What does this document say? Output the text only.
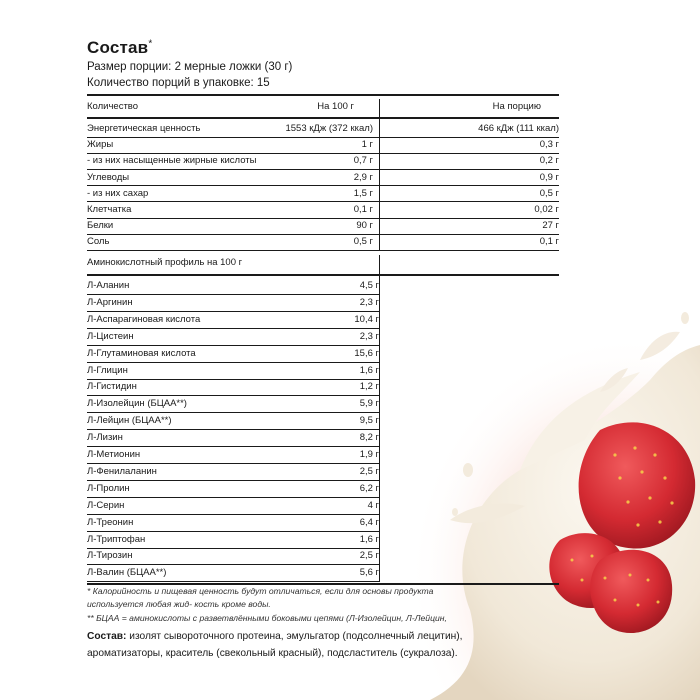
Состав*
Размер порции: 2 мерные ложки (30 г)
Количество порций в упаковке: 15
Количество	На 100 г	На порцию
Энергетическая ценность	1553 кДж (372 ккал)	466 кДж (111 ккал)
Жиры	1 г	0,3 г
- из них насыщенные жирные кислоты	0,7 г	0,2 г
Углеводы	2,9 г	0,9 г
- из них сахар	1,5 г	0,5 г
Клетчатка	0,1 г	0,02 г
Белки	90 г	27 г
Соль	0,5 г	0,1 г
Аминокислотный профиль на 100 г
Л-Аланин	4,5 г
Л-Аргинин	2,3 г
Л-Аспарагиновая кислота	10,4 г
Л-Цистеин	2,3 г
Л-Глутаминовая кислота	15,6 г
Л-Глицин	1,6 г
Л-Гистидин	1,2 г
Л-Изолейцин (БЦАА**)	5,9 г
Л-Лейцин (БЦАА**)	9,5 г
Л-Лизин	8,2 г
Л-Метионин	1,9 г
Л-Фенилаланин	2,5 г
Л-Пролин	6,2 г
Л-Серин	4 г
Л-Треонин	6,4 г
Л-Триптофан	1,6 г
Л-Тирозин	2,5 г
Л-Валин (БЦАА**)	5,6 г
* Калорийность и пищевая ценность будут отличаться, если для основы продукта
используется любая жид- кость кроме воды.
** БЦАА = аминокислоты с разветвлёнными боковыми цепями (Л-Изолейцин, Л-Лейцин,
Состав: изолят сывороточного протеина, эмульгатор (подсолнечный лецитин),
ароматизаторы, краситель (свекольный красный), подсластитель (сукралоза).
